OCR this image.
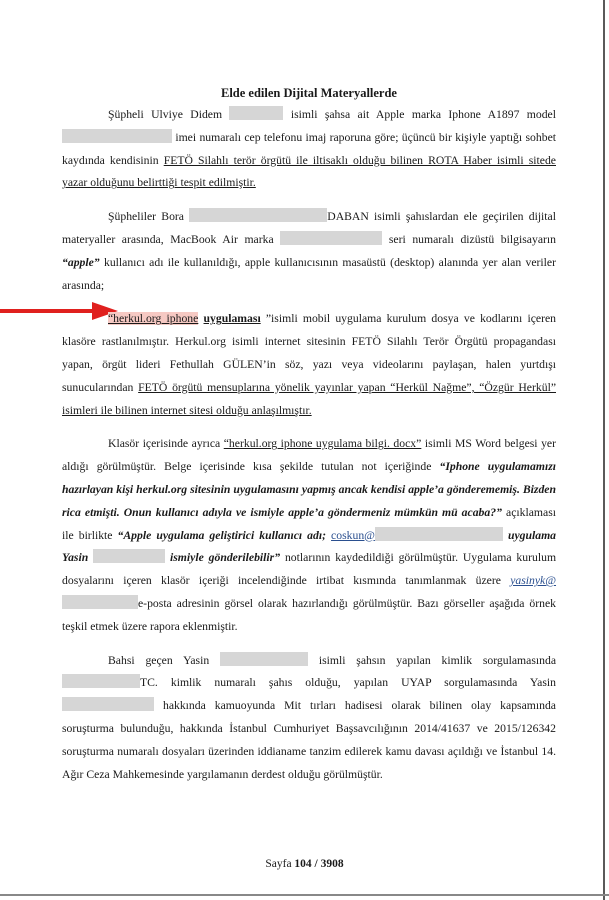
Elde edilen Dijital Materyallerde

Şüpheli Ulviye Didem	isimli şahsa ait Apple marka Iphone A1897 model  imei numaralı cep telefonu imaj raporuna göre; üçüncü bir kişiyle yaptığı sohbet kaydında kendisinin FETÖ Silahlı terör örgütü ile iltisaklı olduğu bilinen ROTA Haber isimli sitede yazar olduğunu belirttiği tespit edilmiştir.

Şüpheliler Bora	DABAN isimli şahıslardan ele geçirilen dijital materyaller arasında, MacBook Air marka	seri numaralı dizüstü bilgisayarın “apple” kullanıcı adı ile kullanıldığı, apple kullanıcısının masaüstü (desktop) alanında yer alan veriler arasında;

“herkul.org iphone uygulaması ”isimli mobil uygulama kurulum dosya ve kodlarını içeren klasöre rastlanılmıştır. Herkul.org isimli internet sitesinin FETÖ Silahlı Terör Örgütü propagandası yapan, örgüt lideri Fethullah GÜLEN’in söz, yazı veya videolarını paylaşan, halen yurtdışı sunucularından FETÖ örgütü mensuplarına yönelik yayınlar yapan “Herkül Nağme”, “Özgür Herkül” isimleri ile bilinen internet sitesi olduğu anlaşılmıştır.

Klasör içerisinde ayrıca “herkul.org iphone uygulama bilgi. docx” isimli MS Word belgesi yer aldığı görülmüştür. Belge içerisinde kısa şekilde tutulan not içeriğinde “Iphone uygulamamızı hazırlayan kişi herkul.org sitesinin uygulamasını yapmış ancak kendisi apple’a gönderememiş. Bizden rica etmişti. Onun kullanıcı adıyla ve ismiyle apple’a göndermeniz mümkün mü acaba?” açıklaması ile birlikte “Apple uygulama geliştirici kullanıcı adı; coskun@	uygulama Yasin	ismiyle gönderilebilir” notlarının kaydedildiği görülmüştür. Uygulama kurulum dosyalarını içeren klasör içeriği incelendiğinde irtibat kısmında tanımlanmak üzere yasinyk@e-posta adresinin görsel olarak hazırlandığı görülmüştür. Bazı görseller aşağıda örnek teşkil etmek üzere rapora eklenmiştir.

Bahsi geçen Yasin	isimli şahsın yapılan kimlik sorgulamasında TC. kimlik numaralı şahıs olduğu, yapılan UYAP sorgulamasında Yasin  hakkında kamuoyunda Mit tırları hadisesi olarak bilinen olay kapsamında soruşturma bulunduğu, hakkında İstanbul Cumhuriyet Başsavcılığının 2014/41637 ve 2015/126342 soruşturma numaralı dosyaları üzerinden iddianame tanzim edilerek kamu davası açıldığı ve İstanbul 14. Ağır Ceza Mahkemesinde yargılamanın derdest olduğu görülmüştür.

Sayfa 104 / 3908
